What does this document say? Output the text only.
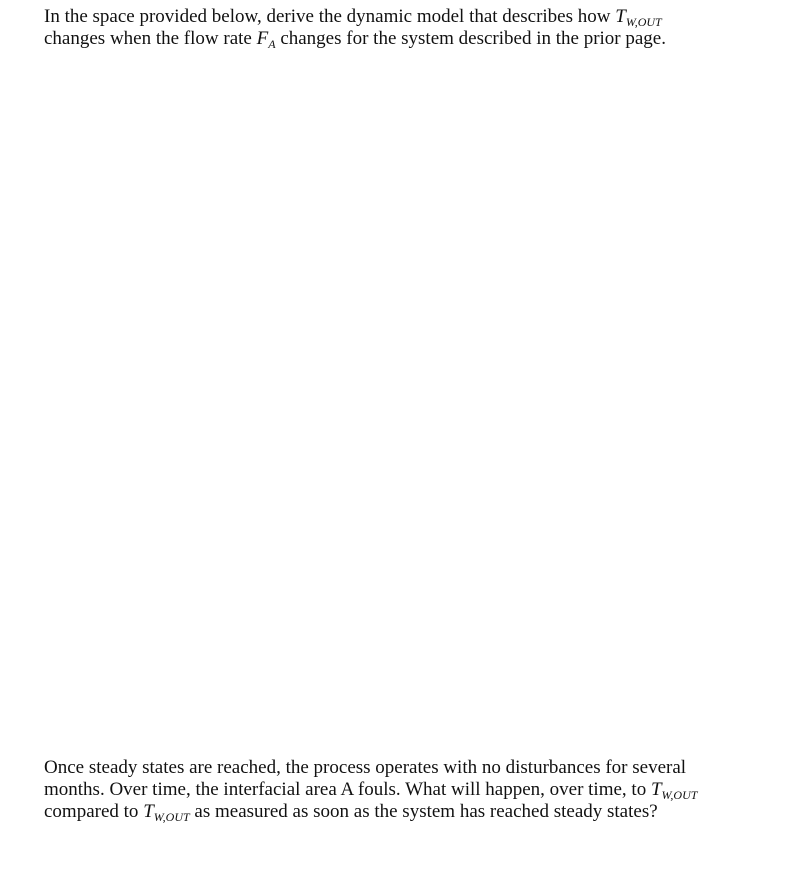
In the space provided below, derive the dynamic model that describes how $T_{W,OUT}$
changes when the flow rate $F_A$ changes for the system described in the prior page.
Once steady states are reached, the process operates with no disturbances for several
months. Over time, the interfacial area A fouls. What will happen, over time, to $T_{W,OUT}$
compared to $T_{W,OUT}$ as measured as soon as the system has reached steady states?
